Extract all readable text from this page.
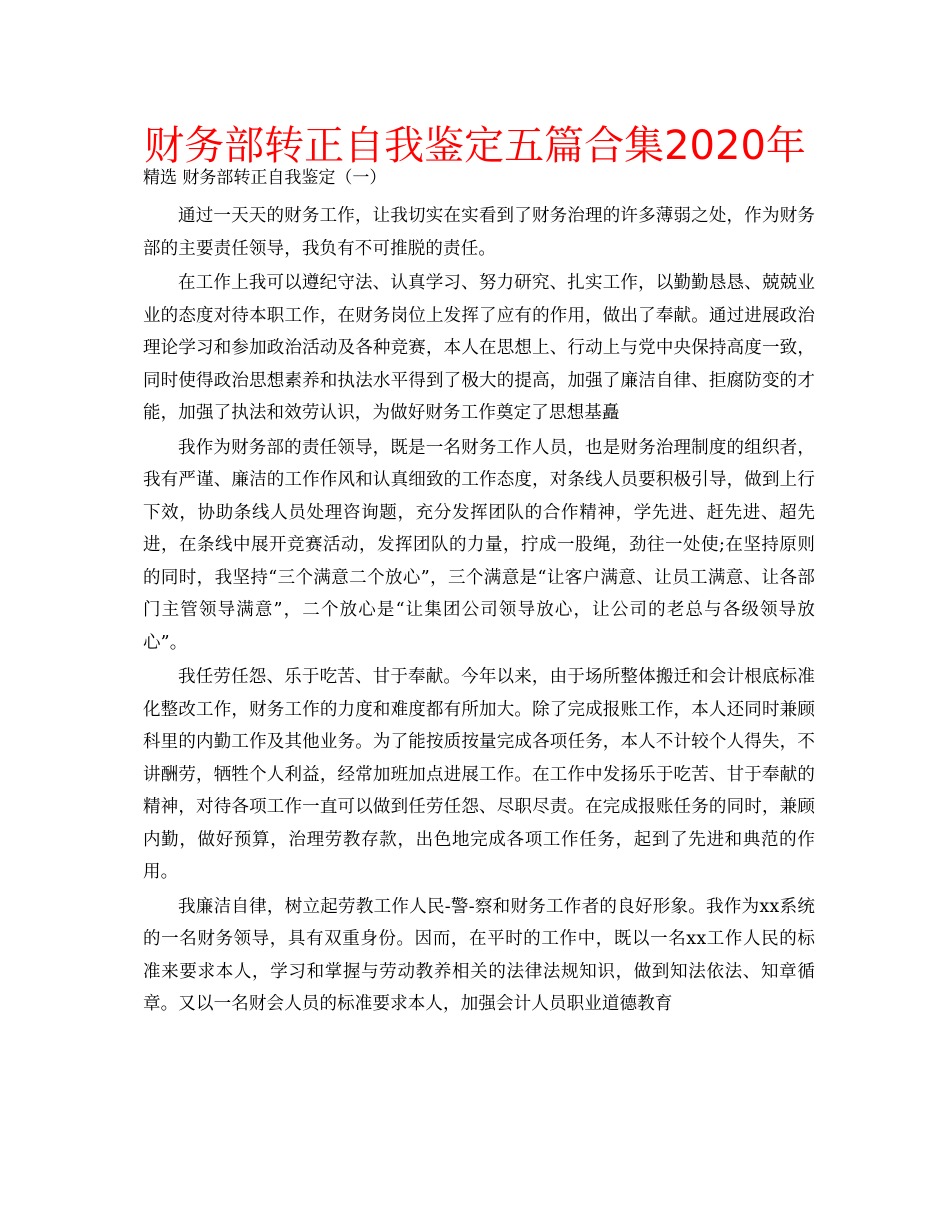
财务部转正自我鉴定五篇合集2020年
精选 财务部转正自我鉴定（一）

通过一天天的财务工作，让我切实在实看到了财务治理的许多薄弱之处，作为财务部的主要责任领导，我负有不可推脱的责任。

在工作上我可以遵纪守法、认真学习、努力研究、扎实工作，以勤勤恳恳、兢兢业业的态度对待本职工作，在财务岗位上发挥了应有的作用，做出了奉献。通过进展政治理论学习和参加政治活动及各种竞赛，本人在思想上、行动上与党中央保持高度一致，同时使得政治思想素养和执法水平得到了极大的提高，加强了廉洁自律、拒腐防变的才能，加强了执法和效劳认识，为做好财务工作奠定了思想基矗

我作为财务部的责任领导，既是一名财务工作人员，也是财务治理制度的组织者，我有严谨、廉洁的工作作风和认真细致的工作态度，对条线人员要积极引导，做到上行下效，协助条线人员处理咨询题，充分发挥团队的合作精神，学先进、赶先进、超先进，在条线中展开竞赛活动，发挥团队的力量，拧成一股绳，劲往一处使;在坚持原则的同时，我坚持“三个满意二个放心”，三个满意是“让客户满意、让员工满意、让各部门主管领导满意”，二个放心是“让集团公司领导放心，让公司的老总与各级领导放心”。

我任劳任怨、乐于吃苦、甘于奉献。今年以来，由于场所整体搬迁和会计根底标准化整改工作，财务工作的力度和难度都有所加大。除了完成报账工作，本人还同时兼顾科里的内勤工作及其他业务。为了能按质按量完成各项任务，本人不计较个人得失，不讲酬劳，牺牲个人利益，经常加班加点进展工作。在工作中发扬乐于吃苦、甘于奉献的精神，对待各项工作一直可以做到任劳任怨、尽职尽责。在完成报账任务的同时，兼顾内勤，做好预算，治理劳教存款，出色地完成各项工作任务，起到了先进和典范的作用。

我廉洁自律，树立起劳教工作人民-警-察和财务工作者的良好形象。我作为xx系统的一名财务领导，具有双重身份。因而，在平时的工作中，既以一名xx工作人民的标准来要求本人，学习和掌握与劳动教养相关的法律法规知识，做到知法依法、知章循章。又以一名财会人员的标准要求本人，加强会计人员职业道德教育
